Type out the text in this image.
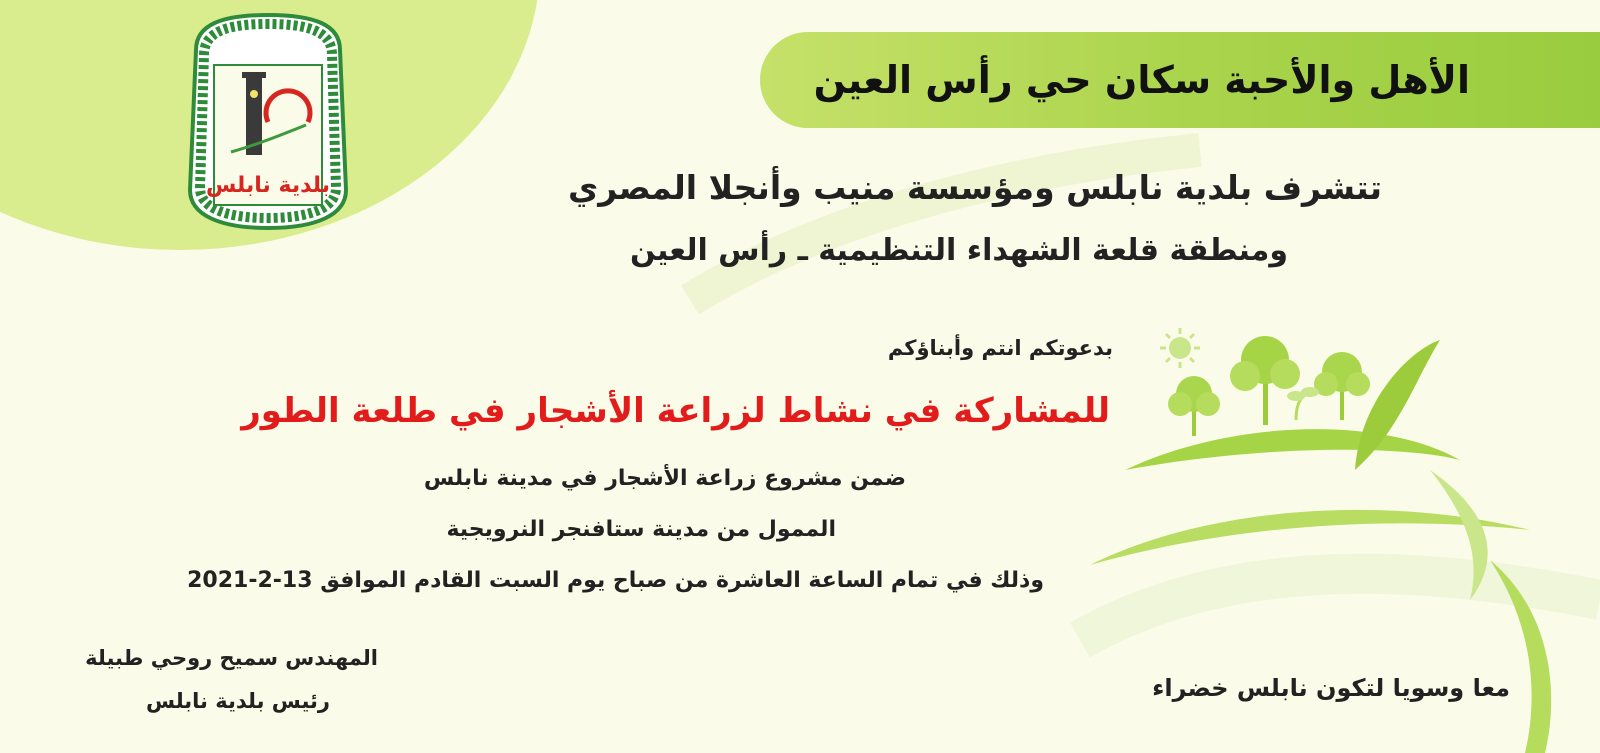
بلدية نابلس
الأهل والأحبة سكان حي رأس العين
تتشرف بلدية نابلس ومؤسسة منيب وأنجلا المصري
ومنطقة قلعة الشهداء التنظيمية ـ رأس العين
بدعوتكم انتم وأبناؤكم
للمشاركة في نشاط لزراعة الأشجار في طلعة الطور
ضمن مشروع زراعة الأشجار في مدينة نابلس
الممول من مدينة ستافنجر النرويجية
وذلك في تمام الساعة العاشرة من صباح يوم السبت القادم الموافق 13-2-2021
المهندس سميح روحي طبيلة
رئيس بلدية نابلس	معا وسويا لتكون نابلس خضراء
